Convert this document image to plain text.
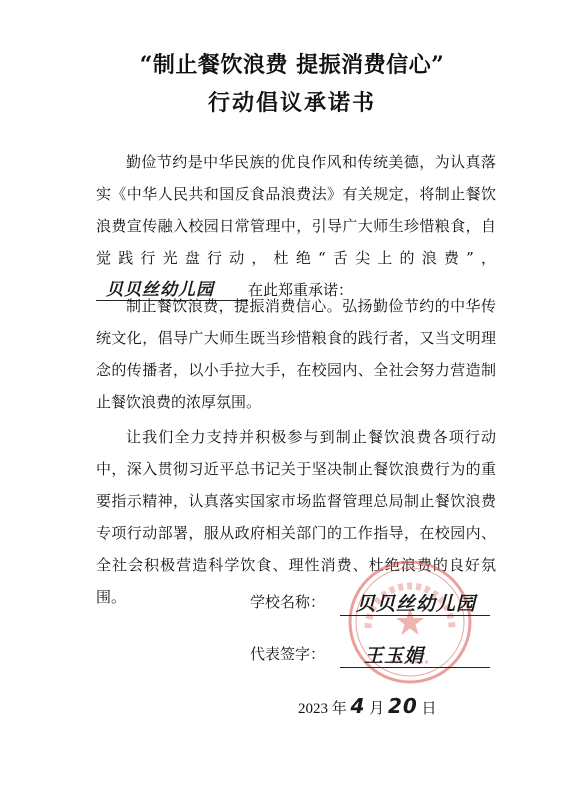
“制止餐饮浪费 提振消费信心”
行动倡议承诺书
勤俭节约是中华民族的优良作风和传统美德，为认真落实《中华人民共和国反食品浪费法》有关规定，将制止餐饮浪费宣传融入校园日常管理中，引导广大师生珍惜粮食，自觉践行光盘行动，杜绝“舌尖上的浪费”，贝贝丝幼儿园 在此郑重承诺：
制止餐饮浪费，提振消费信心。弘扬勤俭节约的中华传统文化，倡导广大师生既当珍惜粮食的践行者，又当文明理念的传播者，以小手拉大手，在校园内、全社会努力营造制止餐饮浪费的浓厚氛围。
让我们全力支持并积极参与到制止餐饮浪费各项行动中，深入贯彻习近平总书记关于坚决制止餐饮浪费行为的重要指示精神，认真落实国家市场监督管理总局制止餐饮浪费专项行动部署，服从政府相关部门的工作指导，在校园内、全社会积极营造科学饮食、理性消费、杜绝浪费的良好氛围。	学校名称：	贝贝丝幼儿园
代表签字：	王玉娟
2023 年 4 月 20 日
